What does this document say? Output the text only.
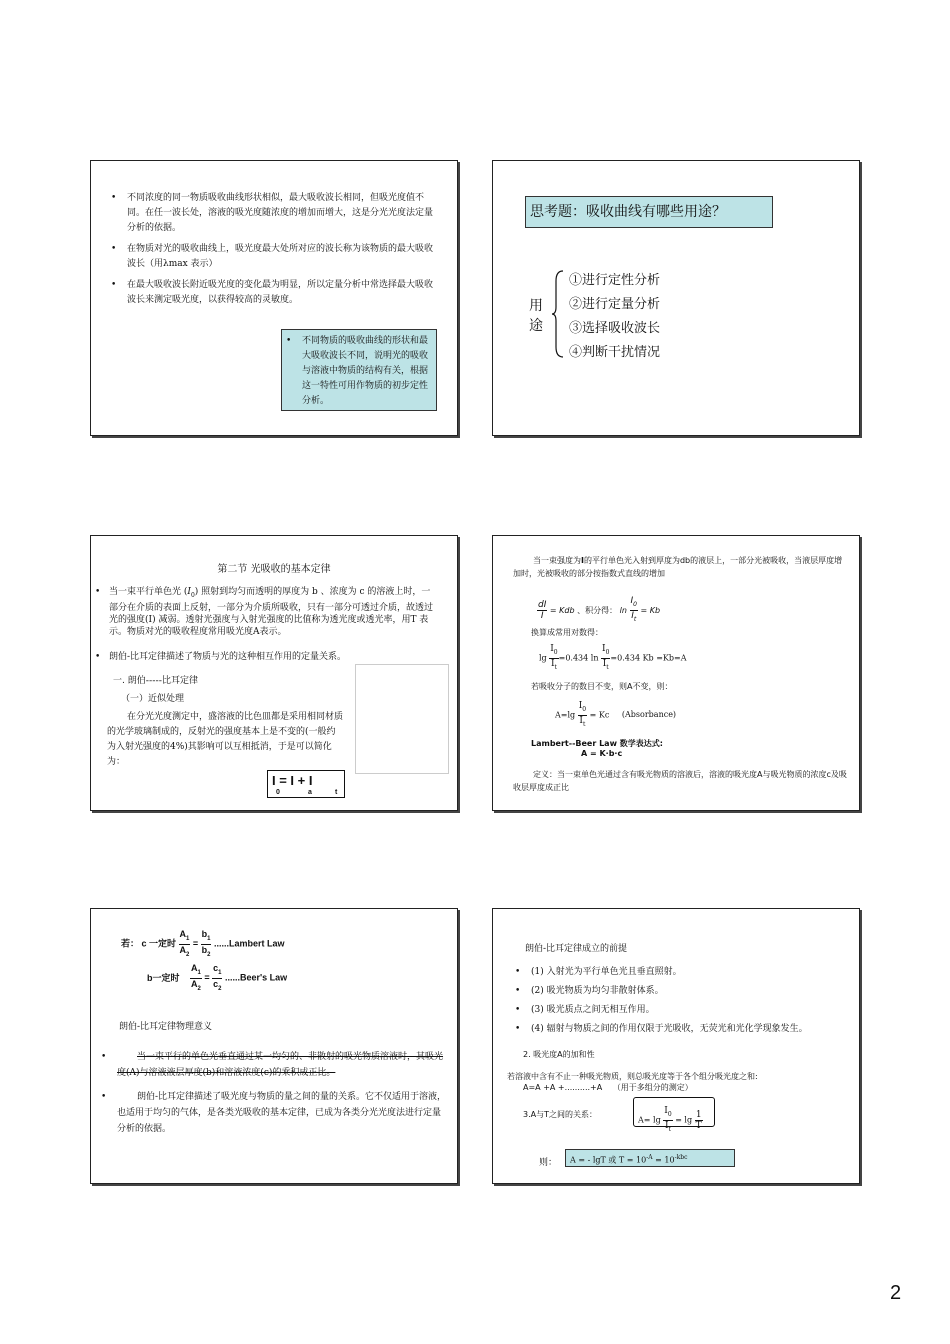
• 不同浓度的同一物质吸收曲线形状相似，最大吸收波长相同，但吸光度值不同。在任一波长处，溶液的吸光度随浓度的增加而增大，这是分光光度法定量分析的依据。
• 在物质对光的吸收曲线上，吸光度最大处所对应的波长称为该物质的最大吸收波长（用λmax 表示）
• 在最大吸收波长附近吸光度的变化最为明显，所以定量分析中常选择最大吸收波长来测定吸光度，以获得较高的灵敏度。
• 不同物质的吸收曲线的形状和最大吸收波长不同，说明光的吸收与溶液中物质的结构有关，根据这一特性可用作物质的初步定性分析。
思考题：吸收曲线有哪些用途？
用
途
①进行定性分析
②进行定量分析
③选择吸收波长
④判断干扰情况
第二节 光吸收的基本定律
• 当一束平行单色光 $(I_0)$ 照射到均匀而透明的厚度为 b 、浓度为 c 的溶液上时，一部分在介质的表面上反射，一部分为介质所吸收，只有一部分可透过介质，故透过光的强度(I) 减弱。透射光强度与入射光强度的比值称为透光度或透光率，用T 表示。物质对光的吸收程度常用吸光度A表示。
• 朗伯-比耳定律描述了物质与光的这种相互作用的定量关系。
一. 朗伯-----比耳定律
（一）近似处理
在分光光度测定中，盛溶液的比色皿都是采用相同材质的光学玻璃制成的，反射光的强度基本上是不变的(一般约为入射光强度的4%)其影响可以互相抵消，于是可以简化为：
I = I + I
0	a	t
当一束强度为I的平行单色光入射到厚度为db的液层上，一部分光被吸收，当液层厚度增加时，光被吸收的部分按指数式直线的增加
$\frac{dI}{I}$ = Kdb 、积分得： $\ln \frac{I_0}{I_t} = Kb$
换算成常用对数得：
$\lg \frac{I_0}{I_t} =0.434$ $\ln \frac{I_0}{I_t} =0.434$ Kb =Kb=A
若吸收分子的数目不变，则A不变，则：
$A=\lg \frac{I_0}{I_t} = Kc$ (Absorbance)
Lambert--Beer Law 数学表达式:
A = K·b·c
定义：当一束单色光通过含有吸光物质的溶液后，溶液的吸光度A与吸光物质的浓度c及吸收层厚度成正比
若： c 一定时 $\frac{A_1}{A_2} = \frac{b_1}{b_2}$ ......Lambert Law
b一定时 $\frac{A_1}{A_2} = \frac{c_1}{c_2}$ ......Beer's Law
朗伯-比耳定律物理意义
•	当一束平行的单色光垂直通过某一均匀的、非散射的吸光物质溶液时，其吸光度(A)与溶液液层厚度(b)和溶液浓度(c)的乘积成正比。
•	朗伯-比耳定律描述了吸光度与物质的量之间的量的关系。它不仅适用于溶液，也适用于均匀的气体，是各类光吸收的基本定律，已成为各类分光光度法进行定量分析的依据。
朗伯-比耳定律成立的前提
• (1) 入射光为平行单色光且垂直照射。
• (2) 吸光物质为均匀非散射体系。
• (3) 吸光质点之间无相互作用。
• (4) 辐射与物质之间的作用仅限于光吸收，无荧光和光化学现象发生。
2. 吸光度A的加和性
若溶液中含有不止一种吸光物质，则总吸光度等于各个组分吸光度之和:
A=A +A +..........+A （用于多组分的测定）
3.A与T之间的关系：
$A= \lg \frac{I_0}{I_t} = \lg \frac{1}{T}$
则：	A = - lgT 或 $T = 10^{-A} = 10^{-kbc}$
2
